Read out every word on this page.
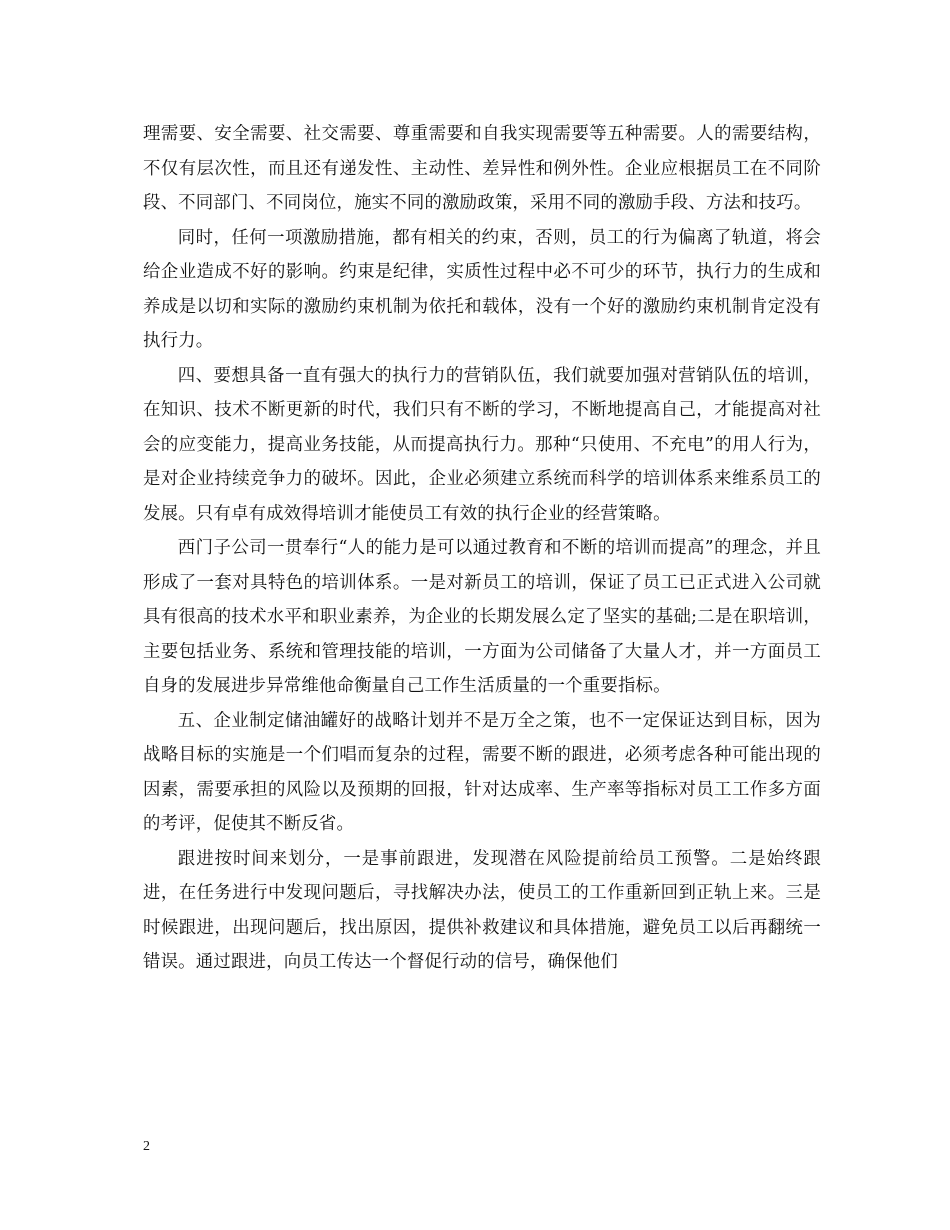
理需要、安全需要、社交需要、尊重需要和自我实现需要等五种需要。人的需要结构，不仅有层次性，而且还有递发性、主动性、差异性和例外性。企业应根据员工在不同阶段、不同部门、不同岗位，施实不同的激励政策，采用不同的激励手段、方法和技巧。

同时，任何一项激励措施，都有相关的约束，否则，员工的行为偏离了轨道，将会给企业造成不好的影响。约束是纪律，实质性过程中必不可少的环节，执行力的生成和养成是以切和实际的激励约束机制为依托和载体，没有一个好的激励约束机制肯定没有执行力。

四、要想具备一直有强大的执行力的营销队伍，我们就要加强对营销队伍的培训，在知识、技术不断更新的时代，我们只有不断的学习，不断地提高自己，才能提高对社会的应变能力，提高业务技能，从而提高执行力。那种“只使用、不充电”的用人行为，是对企业持续竞争力的破坏。因此，企业必须建立系统而科学的培训体系来维系员工的发展。只有卓有成效得培训才能使员工有效的执行企业的经营策略。

西门子公司一贯奉行“人的能力是可以通过教育和不断的培训而提高”的理念，并且形成了一套对具特色的培训体系。一是对新员工的培训，保证了员工已正式进入公司就具有很高的技术水平和职业素养，为企业的长期发展么定了坚实的基础;二是在职培训，主要包括业务、系统和管理技能的培训，一方面为公司储备了大量人才，并一方面员工自身的发展进步异常维他命衡量自己工作生活质量的一个重要指标。

五、企业制定储油罐好的战略计划并不是万全之策，也不一定保证达到目标，因为战略目标的实施是一个们唱而复杂的过程，需要不断的跟进，必须考虑各种可能出现的因素，需要承担的风险以及预期的回报，针对达成率、生产率等指标对员工工作多方面的考评，促使其不断反省。

跟进按时间来划分，一是事前跟进，发现潜在风险提前给员工预警。二是始终跟进，在任务进行中发现问题后，寻找解决办法，使员工的工作重新回到正轨上来。三是时候跟进，出现问题后，找出原因，提供补救建议和具体措施，避免员工以后再翻统一错误。通过跟进，向员工传达一个督促行动的信号，确保他们

2
